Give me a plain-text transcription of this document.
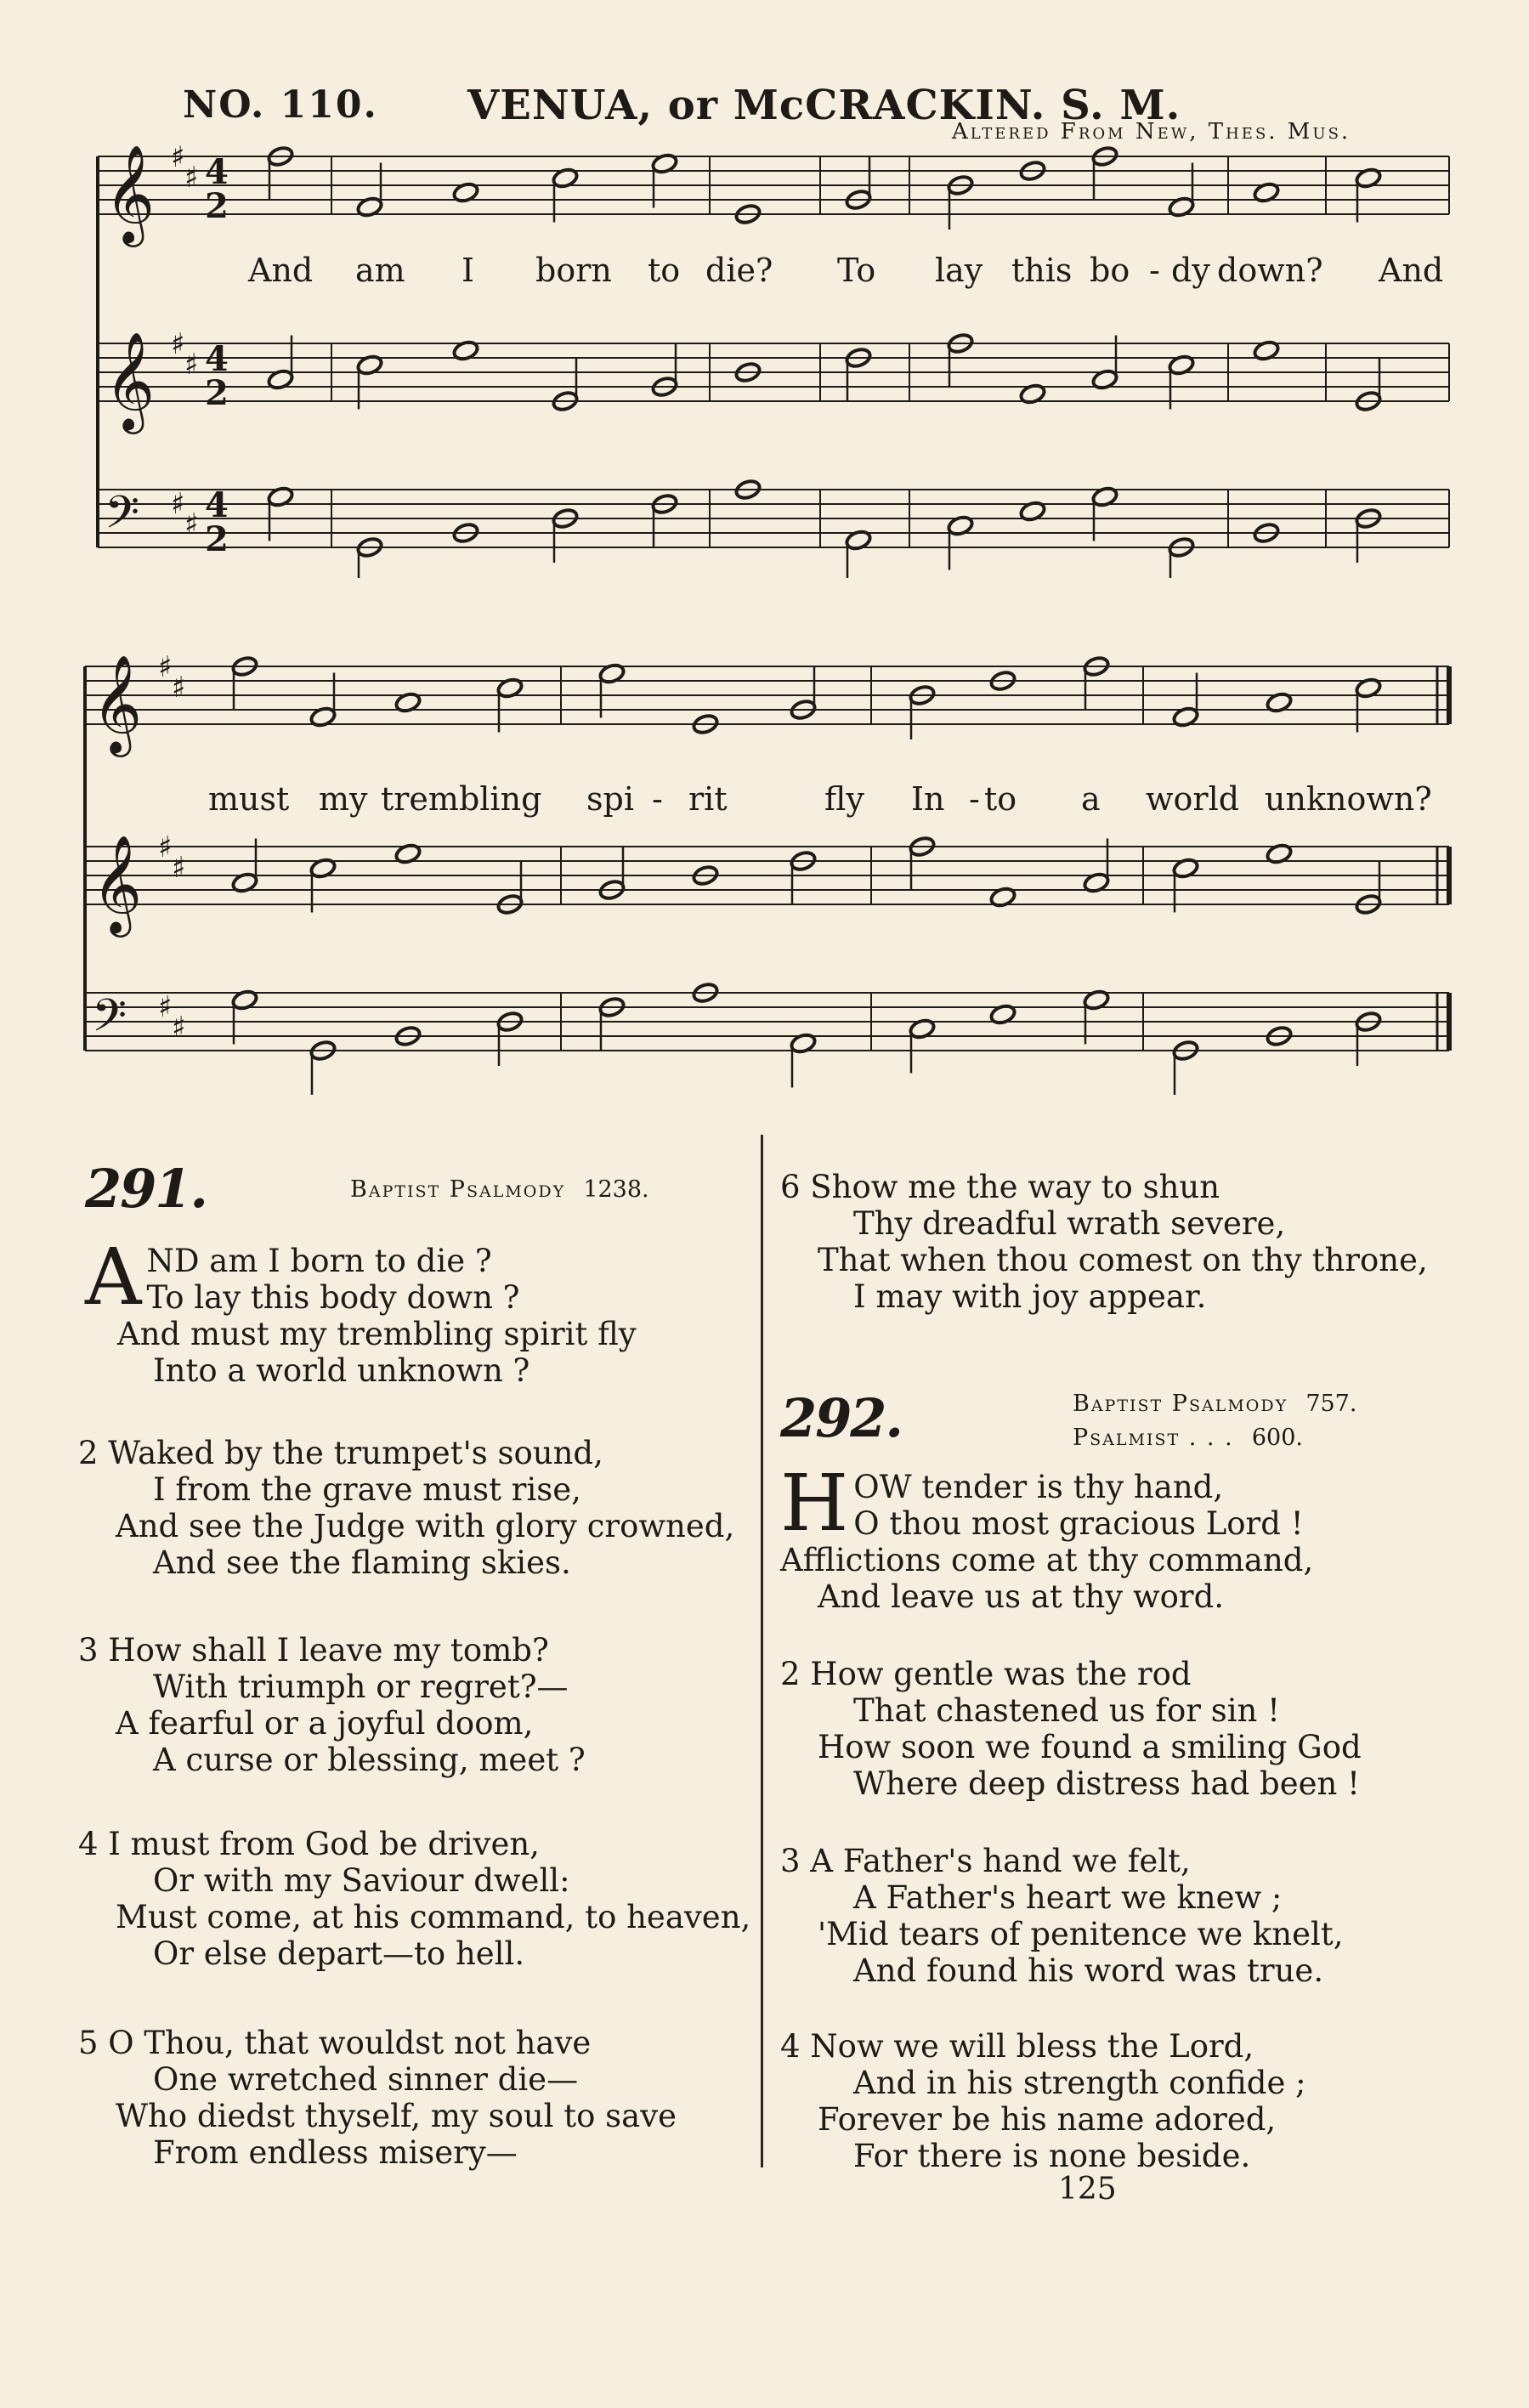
NO. 110. VENUA, or McCRACKIN. S. M.
Altered From New, Thes. Mus.
𝄞 ♯
♯ 4
2
𝄞 ♯
♯ 4
2
𝄢 ♯
♯ 4
2
And am I born to die? To lay this bo - dy down? And
𝄞 ♯
♯
𝄞 ♯
♯
𝄢 ♯
♯
must my trembling spi - rit	fly In - to a world unknown?
291.	Baptist Psalmody 1238.
A ND am I born to die ?
To lay this body down ?
And must my trembling spirit fly
Into a world unknown ?
2 Waked by the trumpet's sound,
I from the grave must rise,
And see the Judge with glory crowned,
And see the flaming skies.
3 How shall I leave my tomb?
With triumph or regret?—
A fearful or a joyful doom,
A curse or blessing, meet ?
4 I must from God be driven,
Or with my Saviour dwell:
Must come, at his command, to heaven,
Or else depart—to hell.
5 O Thou, that wouldst not have
One wretched sinner die—
Who diedst thyself, my soul to save
From endless misery—
6 Show me the way to shun
Thy dreadful wrath severe,
That when thou comest on thy throne,
I may with joy appear.
292.	Baptist Psalmody 757.
Psalmist . . . 600.
H OW tender is thy hand,
O thou most gracious Lord !
Afflictions come at thy command,
And leave us at thy word.
2 How gentle was the rod
That chastened us for sin !
How soon we found a smiling God
Where deep distress had been !
3 A Father's hand we felt,
A Father's heart we knew ;
'Mid tears of penitence we knelt,
And found his word was true.
4 Now we will bless the Lord,
And in his strength confide ;
Forever be his name adored,
For there is none beside.
125
